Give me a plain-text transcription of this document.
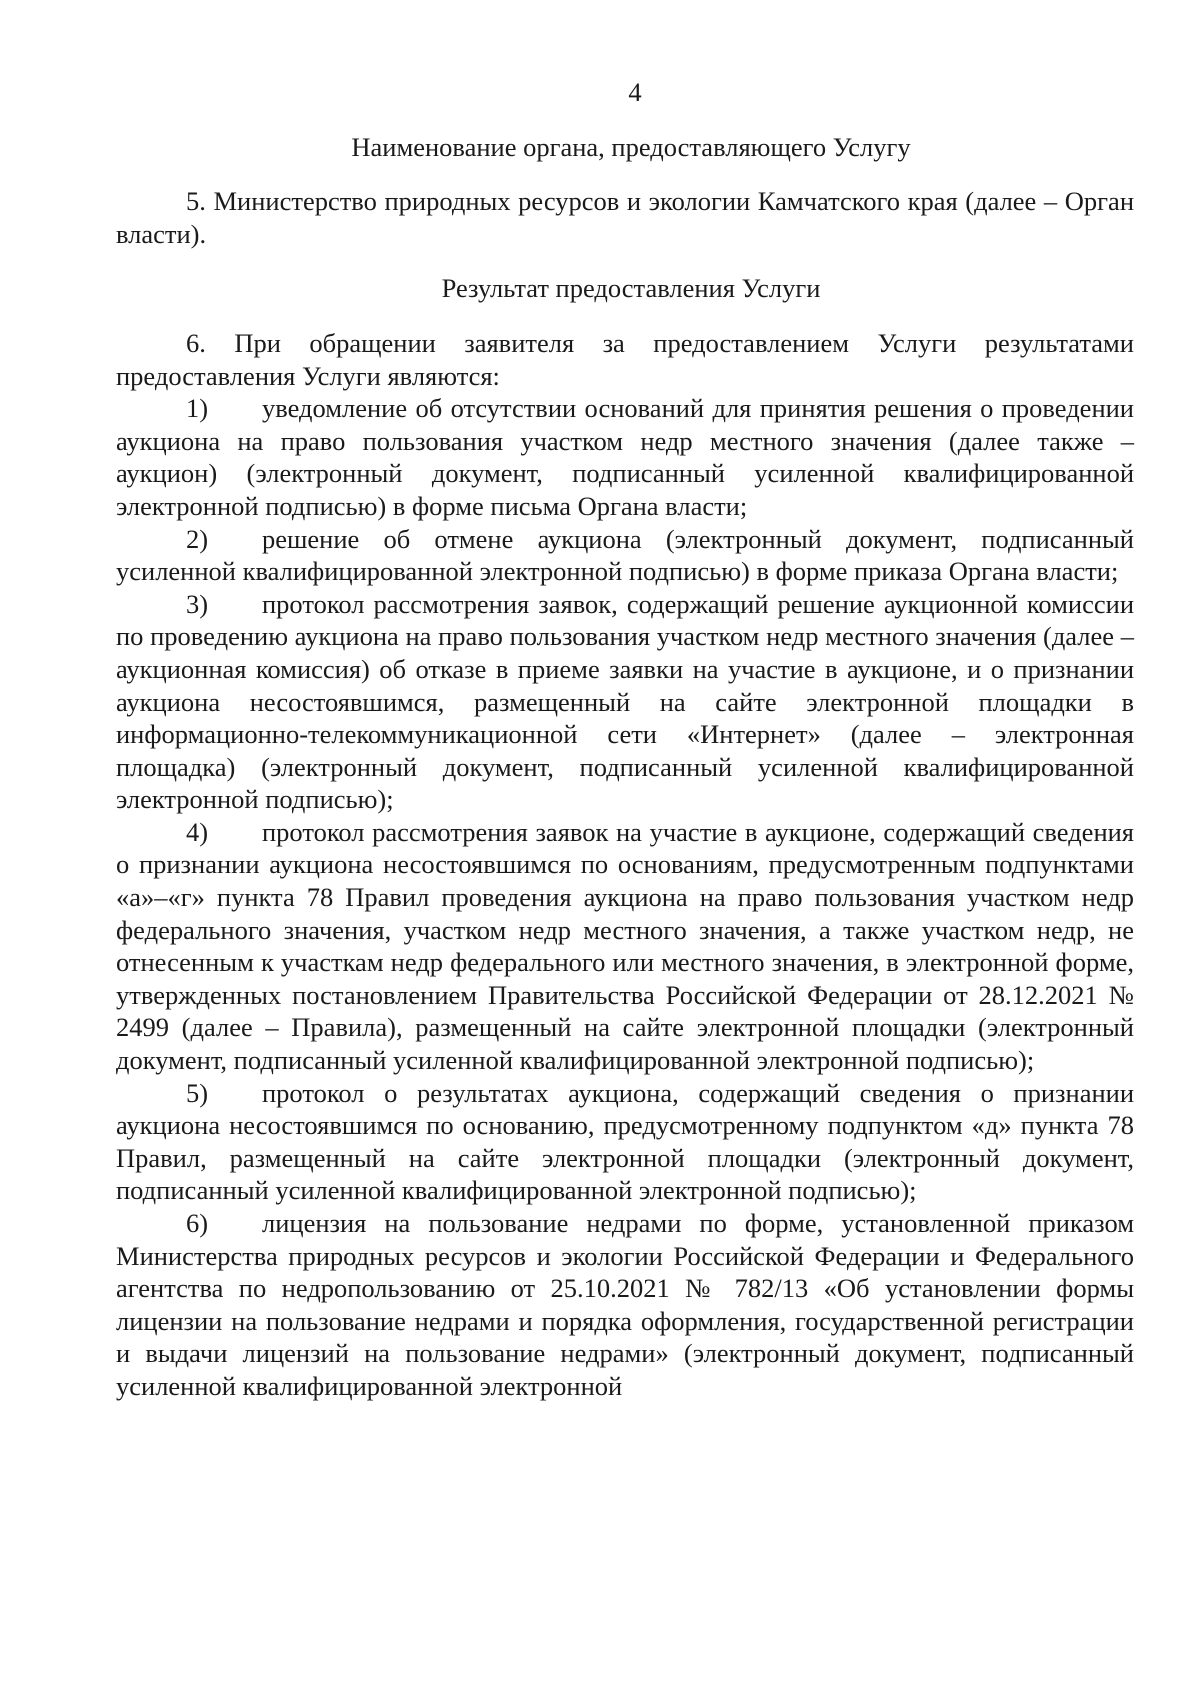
4

Наименование органа, предоставляющего Услугу

5. Министерство природных ресурсов и экологии Камчатского края (далее – Орган власти).

Результат предоставления Услуги

6. При обращении заявителя за предоставлением Услуги результатами предоставления Услуги являются:

1) уведомление об отсутствии оснований для принятия решения о проведении аукциона на право пользования участком недр местного значения (далее также – аукцион) (электронный документ, подписанный усиленной квалифицированной электронной подписью) в форме письма Органа власти;

2) решение об отмене аукциона (электронный документ, подписанный усиленной квалифицированной электронной подписью) в форме приказа Органа власти;

3) протокол рассмотрения заявок, содержащий решение аукционной комиссии по проведению аукциона на право пользования участком недр местного значения (далее – аукционная комиссия) об отказе в приеме заявки на участие в аукционе, и о признании аукциона несостоявшимся, размещенный на сайте электронной площадки в информационно-телекоммуникационной сети «Интернет» (далее – электронная площадка) (электронный документ, подписанный усиленной квалифицированной электронной подписью);

4) протокол рассмотрения заявок на участие в аукционе, содержащий сведения о признании аукциона несостоявшимся по основаниям, предусмотренным подпунктами «а»–«г» пункта 78 Правил проведения аукциона на право пользования участком недр федерального значения, участком недр местного значения, а также участком недр, не отнесенным к участкам недр федерального или местного значения, в электронной форме, утвержденных постановлением Правительства Российской Федерации от 28.12.2021 № 2499 (далее – Правила), размещенный на сайте электронной площадки (электронный документ, подписанный усиленной квалифицированной электронной подписью);

5) протокол о результатах аукциона, содержащий сведения о признании аукциона несостоявшимся по основанию, предусмотренному подпунктом «д» пункта 78 Правил, размещенный на сайте электронной площадки (электронный документ, подписанный усиленной квалифицированной электронной подписью);

6) лицензия на пользование недрами по форме, установленной приказом Министерства природных ресурсов и экологии Российской Федерации и Федерального агентства по недропользованию от 25.10.2021 № 782/13 «Об установлении формы лицензии на пользование недрами и порядка оформления, государственной регистрации и выдачи лицензий на пользование недрами» (электронный документ, подписанный усиленной квалифицированной электронной
